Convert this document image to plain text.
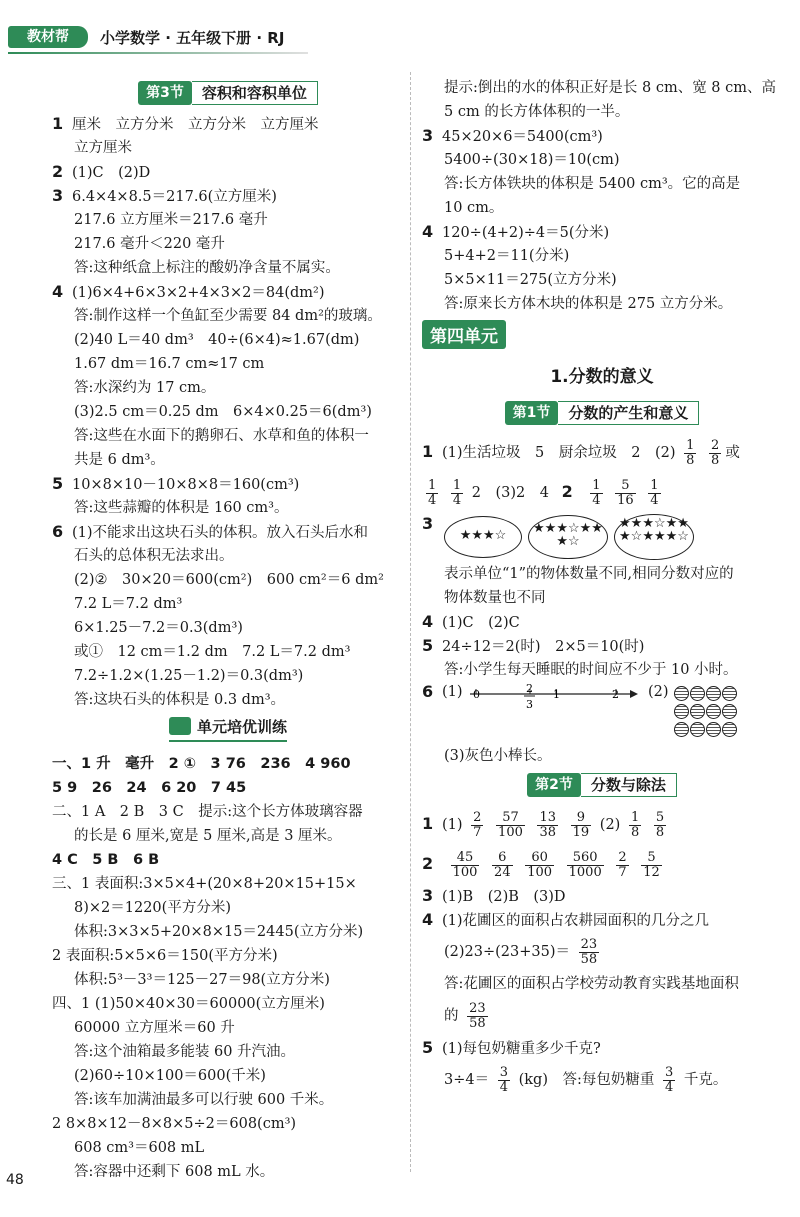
教材帮	小学数学 · 五年级下册 · RJ
第3节	容积和容积单位
1 厘米　立方分米　立方分米　立方厘米
立方厘米
2 (1)C　(2)D
3 6.4×4×8.5＝217.6(立方厘米)
217.6 立方厘米＝217.6 毫升
217.6 毫升＜220 毫升
答:这种纸盒上标注的酸奶净含量不属实。
4 (1)6×4+6×3×2+4×3×2＝84(dm²)
答:制作这样一个鱼缸至少需要 84 dm²的玻璃。
(2)40 L＝40 dm³　40÷(6×4)≈1.67(dm)
1.67 dm＝16.7 cm≈17 cm
答:水深约为 17 cm。
(3)2.5 cm＝0.25 dm　6×4×0.25＝6(dm³)
答:这些在水面下的鹅卵石、水草和鱼的体积一
共是 6 dm³。
5 10×8×10－10×8×8＝160(cm³)
答:这些蒜瓣的体积是 160 cm³。
6 (1)不能求出这块石头的体积。放入石头后水和
石头的总体积无法求出。
(2)②　30×20＝600(cm²)　600 cm²＝6 dm²
7.2 L＝7.2 dm³
6×1.25－7.2＝0.3(dm³)
或①　12 cm＝1.2 dm　7.2 L＝7.2 dm³
7.2÷1.2×(1.25－1.2)＝0.3(dm³)
答:这块石头的体积是 0.3 dm³。
单元培优训练
一、1 升　毫升　2 ①　3 76　236　4 960
5 9　26　24　6 20　7 45
二、1 A　2 B　3 C　提示:这个长方体玻璃容器
的长是 6 厘米,宽是 5 厘米,高是 3 厘米。
4 C　5 B　6 B
三、1 表面积:3×5×4+(20×8+20×15+15×
8)×2＝1220(平方分米)
体积:3×3×5+20×8×15＝2445(立方分米)
2 表面积:5×5×6＝150(平方分米)
体积:5³－3³＝125－27＝98(立方分米)
四、1 (1)50×40×30＝60000(立方厘米)
60000 立方厘米＝60 升
答:这个油箱最多能装 60 升汽油。
(2)60÷10×100＝600(千米)
答:该车加满油最多可以行驶 600 千米。
2 8×8×12－8×8×5÷2＝608(cm³)
608 cm³＝608 mL
答:容器中还剩下 608 mL 水。
提示:倒出的水的体积正好是长 8 cm、宽 8 cm、高
5 cm 的长方体体积的一半。
3 45×20×6＝5400(cm³)
5400÷(30×18)＝10(cm)
答:长方体铁块的体积是 5400 cm³。它的高是
10 cm。
4 120÷(4+2)÷4＝5(分米)
5+4+2＝11(分米)
5×5×11＝275(立方分米)
答:原来长方体木块的体积是 275 立方分米。
第四单元
1.分数的意义
第1节	分数的产生和意义
1 (1)生活垃圾　5　厨余垃圾　2　$(2) \frac{1}{8}$
$\frac{2}{8}$ 或
$\frac{1}{4}$
$\frac{1}{4} 2$　(3)2　4 $2 \frac{1}{4}$
$\frac{5}{16}$
$\frac{1}{4}$
3
★★★☆	★★★☆★★★☆
★★★☆★★★☆★★★☆
表示单位“1”的物体数量不同,相同分数对应的
物体数量也不同
4 (1)C　(2)C
5 24÷12＝2(时)　2×5＝10(时)
答:小学生每天睡眠的时间应不少于 10 小时。
6 (1) 0	2
3
1	2 (2)
(3)灰色小棒长。
第2节	分数与除法
1 $(1) \frac{2}{7}$
$\frac{57}{100}$
$\frac{13}{38}$
$\frac{9}{19} (2) \frac{1}{8}$
$\frac{5}{8}$
$2 \frac{45}{100}$
$\frac{6}{24}$
$\frac{60}{100}$
$\frac{560}{1000}$
$\frac{2}{7}$
$\frac{5}{12}$
3 (1)B　(2)B　(3)D
4 (1)花圃区的面积占农耕园面积的几分之几
$(2)23\div(23+35)= \frac{23}{58}$
答:花圃区的面积占学校劳动教育实践基地面积
的 $\frac{23}{58}$
5 (1)每包奶糖重多少千克?
$3\div 4= \frac{3}{4} (kg)$　答:每包奶糖重 $\frac{3}{4}$ 千克。
48
